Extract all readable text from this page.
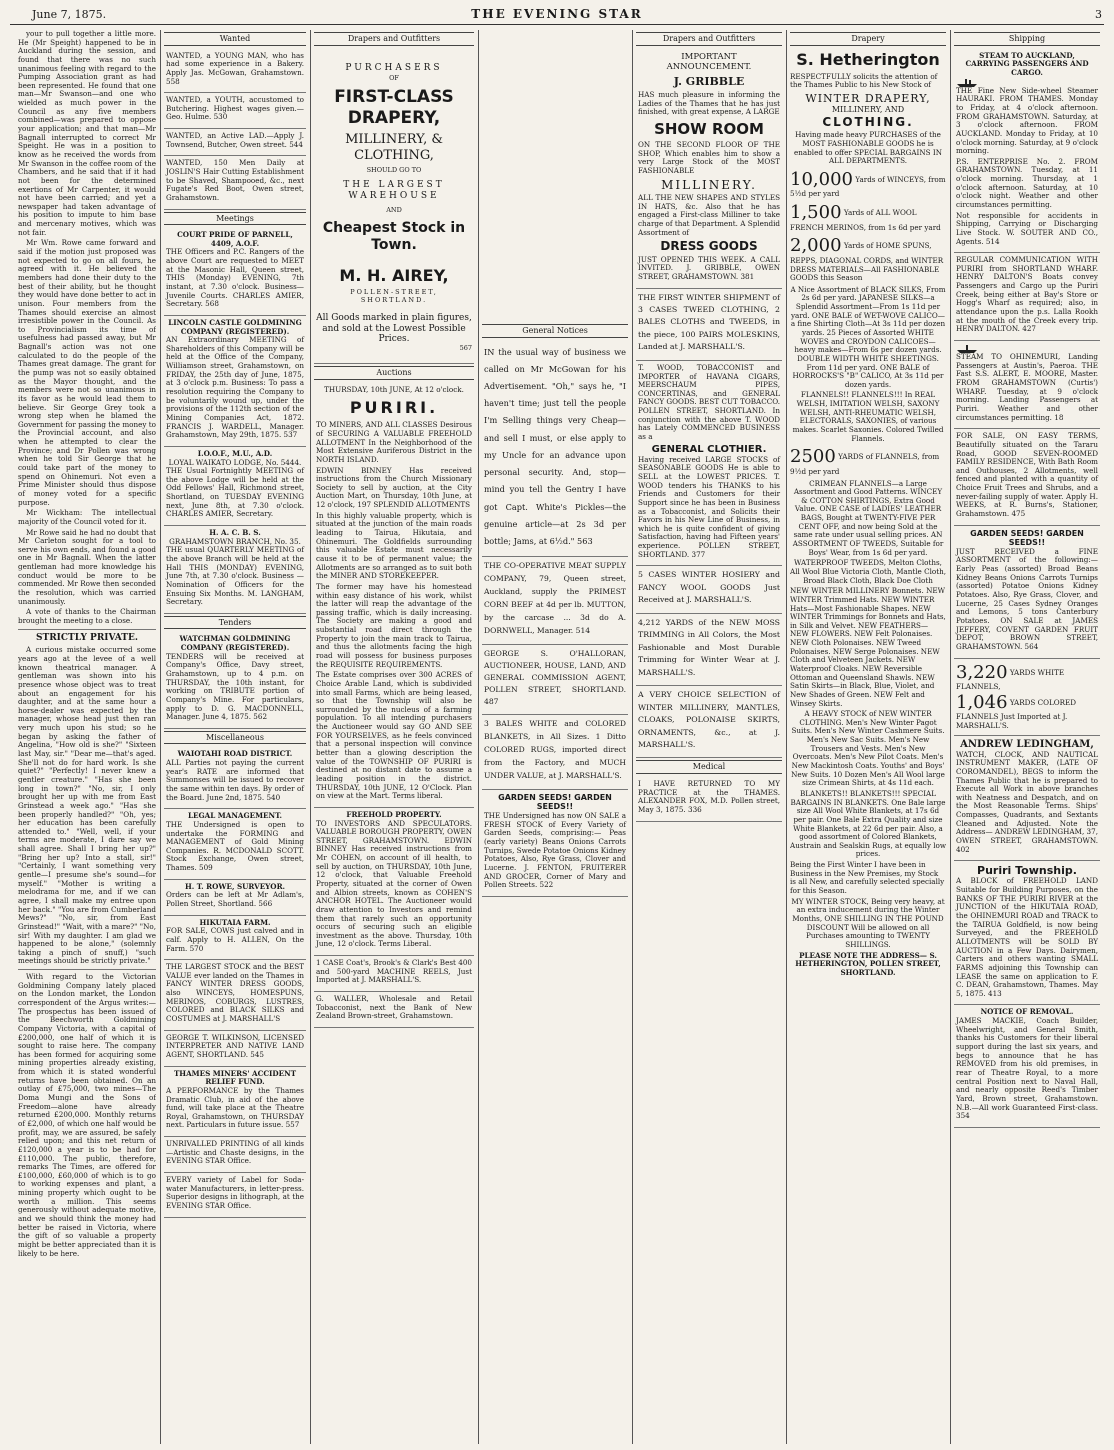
June 7, 1875.	THE EVENING STAR	3

your to pull together a little more. He (Mr Speight) happened to be in Auckland during the session, and found that there was no such unanimous feeling with regard to the Pumping Association grant as had been represented. He found that one man—Mr Swanson—and one who wielded as much power in the Council as any five members combined—was prepared to oppose your application; and that man—Mr Bagnall interrupted to correct Mr Speight. He was in a position to know as he received the words from Mr Swanson in the coffee room of the Chambers, and he said that if it had not been for the determined exertions of Mr Carpenter, it would not have been carried; and yet a newspaper had taken advantage of his position to impute to him base and mercenary motives, which was not fair.

Mr Wm. Rowe came forward and said if the motion just proposed was not expected to go on all fours, he agreed with it. He believed the members had done their duty to the best of their ability, but he thought they would have done better to act in unison. Four members from the Thames should exercise an almost irresistible power in the Council. As to Provincialism its time of usefulness had passed away, but Mr Bagnall's action was not one calculated to do the people of the Thames great damage. The grant for the pump was not so easily obtained as the Mayor thought, and the members were not so unanimous in its favor as he would lead them to believe. Sir George Grey took a wrong step when he blamed the Government for passing the money to the Provincial account, and also when he attempted to clear the Province; and Dr Pollen was wrong when he told Sir George that he could take part of the money to spend on Ohinemuri. Not even a Prime Minister should thus dispose of money voted for a specific purpose.

Mr Wickham: The intellectual majority of the Council voted for it.

Mr Rowe said he had no doubt that Mr Carleton sought for a tool to serve his own ends, and found a good one in Mr Bagnall. When the latter gentleman had more knowledge his conduct would be more to be commended. Mr Rowe then seconded the resolution, which was carried unanimously.

A vote of thanks to the Chairman brought the meeting to a close.

STRICTLY PRIVATE.

A curious mistake occurred some years ago at the levee of a well known theatrical manager. A gentleman was shown into his presence whose object was to treat about an engagement for his daughter, and at the same hour a horse-dealer was expected by the manager, whose head just then ran very much upon his stud; so he began by asking the father of Angelina, "How old is she?" "Sixteen last May, sir." "Dear me—that's aged. She'll not do for hard work. Is she quiet?" "Perfectly! I never knew a gentler creature." "Has she been long in town?" "No, sir, I only brought her up with me from East Grinstead a week ago." "Has she been properly handled?" "Oh, yes; her education has been carefully attended to." "Well, well, if your terms are moderate, I dare say we shall agree. Shall I bring her up?" "Bring her up? Into a stall, sir!" "Certainly, I want something very gentle—I presume she's sound—for myself." "Mother is writing a melodrama for me, and if we can agree, I shall make my entree upon her back." "You are from Cumberland Mews?" "No, sir, from East Grinstead!" "Wait, with a mare?" "No, sir! With my daughter. I am glad we happened to be alone," (solemnly taking a pinch of snuff,) "such meetings should be strictly private."

With regard to the Victorian Goldmining Company lately placed on the London market, the London correspondent of the Argus writes:—The prospectus has been issued of the Beechworth Goldmining Company Victoria, with a capital of £200,000, one half of which it is sought to raise here. The company has been formed for acquiring some mining properties already existing, from which it is stated wonderful returns have been obtained. On an outlay of £75,000, two mines—The Doma Mungi and the Sons of Freedom—alone have already returned £200,000. Monthly returns of £2,000, of which one half would be profit, may, we are assured, be safely relied upon; and this net return of £120,000 a year is to be had for £110,000. The public, therefore, remarks The Times, are offered for £100,000, £60,000 of which is to go to working expenses and plant, a mining property which ought to be worth a million. This seems generously without adequate motive, and we should think the money had better be raised in Victoria, where the gift of so valuable a property might be better appreciated than it is likely to be here.

Wanted

WANTED, a YOUNG MAN, who has had some experience in a Bakery. Apply Jas. McGowan, Grahamstown. 558

WANTED, a YOUTH, accustomed to Butchering. Highest wages given.—Geo. Hulme. 530

WANTED, an Active LAD.—Apply J. Townsend, Butcher, Owen street. 544

WANTED, 150 Men Daily at JOSLIN'S Hair Cutting Establishment to be Shaved, Shampooed, &c., next Fugate's Red Boot, Owen street, Grahamstown.

Meetings
COURT PRIDE OF PARNELL, 4409, A.O.F.

THE Officers and P.C. Rangers of the above Court are requested to MEET at the Masonic Hall, Queen street, THIS (Monday) EVENING, 7th instant, at 7.30 o'clock. Business—Juvenile Courts. CHARLES AMIER, Secretary. 568

LINCOLN CASTLE GOLDMINING COMPANY (REGISTERED).

AN Extraordinary MEETING of Shareholders of this Company will be held at the Office of the Company, Williamson street, Grahamstown, on FRIDAY, the 25th day of June, 1875, at 3 o'clock p.m. Business: To pass a resolution requiring the Company to be voluntarily wound up, under the provisions of the 112th section of the Mining Companies Act, 1872. FRANCIS J. WARDELL, Manager. Grahamstown, May 29th, 1875. 537

I.O.O.F., M.U., A.D.
LOYAL WAIKATO LODGE, No. 5444.

THE Usual Fortnightly MEETING of the above Lodge will be held at the Odd Fellows' Hall, Richmond street, Shortland, on TUESDAY EVENING next, June 8th, at 7.30 o'clock. CHARLES AMIER, Secretary.

H. A. C. B. S.
GRAHAMSTOWN BRANCH, No. 35.

THE usual QUARTERLY MEETING of the above Branch will be held at the Hall THIS (MONDAY) EVENING, June 7th, at 7.30 o'clock. Business — Nomination of Officers for the Ensuing Six Months. M. LANGHAM, Secretary.

Tenders
WATCHMAN GOLDMINING COMPANY (REGISTERED).

TENDERS will be received at Company's Office, Davy street, Grahamstown, up to 4 p.m. on THURSDAY, the 10th instant, for working on TRIBUTE portion of Company's Mine. For particulars, apply to D. G. MACDONNELL, Manager. June 4, 1875. 562

Miscellaneous
WAIOTAHI ROAD DISTRICT.

ALL Parties not paying the current year's RATE are informed that Summonses will be issued to recover the same within ten days. By order of the Board. June 2nd, 1875. 540

LEGAL MANAGEMENT.

THE Undersigned is open to undertake the FORMING and MANAGEMENT of Gold Mining Companies. R. MCDONALD SCOTT. Stock Exchange, Owen street, Thames. 509

H. T. ROWE, SURVEYOR.

Orders can be left at Mr Adlam's, Pollen Street, Shortland. 566

HIKUTAIA FARM.

FOR SALE, COWS just calved and in calf. Apply to H. ALLEN, On the Farm. 570

THE LARGEST STOCK and the BEST VALUE ever landed on the Thames in FANCY WINTER DRESS GOODS, also WINCEYS, HOMESPUNS, MERINOS, COBURGS, LUSTRES, COLORED and BLACK SILKS and COSTUMES at J. MARSHALL'S

GEORGE T. WILKINSON, LICENSED INTERPRETER AND NATIVE LAND AGENT, SHORTLAND. 545

THAMES MINERS' ACCIDENT RELIEF FUND.

A PERFORMANCE by the Thames Dramatic Club, in aid of the above fund, will take place at the Theatre Royal, Grahamstown, on THURSDAY next. Particulars in future issue. 557

UNRIVALLED PRINTING of all kinds —Artistic and Chaste designs, in the EVENING STAR Office.

EVERY variety of Label for Soda-water Manufacturers, in letter-press. Superior designs in lithograph, at the EVENING STAR Office.

Drapers and Outfitters
PURCHASERS
OF
FIRST-CLASS DRAPERY,
MILLINERY, & CLOTHING,
SHOULD GO TO
THE LARGEST WAREHOUSE
AND
Cheapest Stock in Town.
M. H. AIREY,
POLLEN-STREET, SHORTLAND.
All Goods marked in plain figures, and sold at the Lowest Possible Prices.
567
Auctions
THURSDAY, 10th JUNE, At 12 o'clock.
PURIRI.

TO MINERS, AND ALL CLASSES Desirous of SECURING A VALUABLE FREEHOLD ALLOTMENT In the Neighborhood of the Most Extensive Auriferous District in the NORTH ISLAND.

EDWIN BINNEY Has received instructions from the Church Missionary Society to sell by auction, at the City Auction Mart, on Thursday, 10th June, at 12 o'clock, 197 SPLENDID ALLOTMENTS

In this highly valuable property, which is situated at the junction of the main roads leading to Tairua, Hikutaia, and Ohinemuri. The Goldfields surrounding this valuable Estate must necessarily cause it to be of permanent value; the Allotments are so arranged as to suit both the MINER AND STOREKEEPER.

The former may have his homestead within easy distance of his work, whilst the latter will reap the advantage of the passing traffic, which is daily increasing. The Society are making a good and substantial road direct through the Property to join the main track to Tairua, and thus the allotments facing the high road will possess for business purposes the REQUISITE REQUIREMENTS.

The Estate comprises over 300 ACRES of Choice Arable Land, which is subdivided into small Farms, which are being leased, so that the Township will also be surrounded by the nucleus of a farming population. To all intending purchasers the Auctioneer would say GO AND SEE FOR YOURSELVES, as he feels convinced that a personal inspection will convince better than a glowing description the value of the TOWNSHIP OF PURIRI is destined at no distant date to assume a leading position in the district. THURSDAY, 10th JUNE, 12 O'Clock. Plan on view at the Mart. Terms liberal.

FREEHOLD PROPERTY.

TO INVESTORS AND SPECULATORS. VALUABLE BOROUGH PROPERTY, OWEN STREET, GRAHAMSTOWN. EDWIN BINNEY Has received instructions from Mr COHEN, on account of ill health, to sell by auction, on THURSDAY, 10th June, 12 o'clock, that Valuable Freehold Property, situated at the corner of Owen and Albion streets, known as COHEN'S ANCHOR HOTEL. The Auctioneer would draw attention to Investors and remind them that rarely such an opportunity occurs of securing such an eligible investment as the above. Thursday, 10th June, 12 o'clock. Terms Liberal.

1 CASE Coat's, Brook's & Clark's Best 400 and 500-yard MACHINE REELS, Just Imported at J. MARSHALL'S.

G. WALLER, Wholesale and Retail Tobacconist, next the Bank of New Zealand Brown-street, Grahamstown.

General Notices

IN the usual way of business we called on Mr McGowan for his Advertisement. "Oh," says he, "I haven't time; just tell the people I'm Selling things very Cheap—and sell I must, or else apply to my Uncle for an advance upon personal security. And, stop—mind you tell the Gentry I have got Capt. White's Pickles—the genuine article—at 2s 3d per bottle; Jams, at 6½d." 563

THE CO-OPERATIVE MEAT SUPPLY COMPANY, 79, Queen street, Auckland, supply the PRIMEST CORN BEEF at 4d per lb. MUTTON, by the carcase ... 3d do A. DORNWELL, Manager. 514

GEORGE S. O'HALLORAN, AUCTIONEER, HOUSE, LAND, AND GENERAL COMMISSION AGENT, POLLEN STREET, SHORTLAND. 487

3 BALES WHITE and COLORED BLANKETS, in All Sizes. 1 Ditto COLORED RUGS, imported direct from the Factory, and MUCH UNDER VALUE, at J. MARSHALL'S.

GARDEN SEEDS! GARDEN SEEDS!!

THE Undersigned has now ON SALE a FRESH STOCK of Every Variety of Garden Seeds, comprising:— Peas (early variety) Beans Onions Carrots Turnips, Swede Potatoe Onions Kidney Potatoes, Also, Rye Grass, Clover and Lucerne. J. FENTON, FRUITERER AND GROCER, Corner of Mary and Pollen Streets. 522

Drapers and Outfitters
IMPORTANT ANNOUNCEMENT.
J. GRIBBLE

HAS much pleasure in informing the Ladies of the Thames that he has just finished, with great expense, A LARGE

SHOW ROOM

ON THE SECOND FLOOR OF THE SHOP, Which enables him to show a very Large Stock of the MOST FASHIONABLE

MILLINERY.

ALL THE NEW SHAPES AND STYLES IN HATS, &c. Also that he has engaged a First-class Milliner to take charge of that Department. A Splendid Assortment of

DRESS GOODS

JUST OPENED THIS WEEK. A CALL INVITED. J. GRIBBLE, OWEN STREET, GRAHAMSTOWN. 381

THE FIRST WINTER SHIPMENT of 3 CASES TWEED CLOTHING, 2 BALES CLOTHS and TWEEDS, in the piece, 100 PAIRS MOLESKINS, Landed at J. MARSHALL'S.

T. WOOD, TOBACCONIST and IMPORTER of HAVANA CIGARS, MEERSCHAUM PIPES, CONCERTINAS, and GENERAL FANCY GOODS. BEST CUT TOBACCO. POLLEN STREET, SHORTLAND. In conjunction with the above T. WOOD has Lately COMMENCED BUSINESS as a

GENERAL CLOTHIER.

Having received LARGE STOCKS of SEASONABLE GOODS He is able to SELL at the LOWEST PRICES. T. WOOD tenders his THANKS to his Friends and Customers for their Support since he has been in Business as a Tobacconist, and Solicits their Favors in his New Line of Business, in which he is quite confident of giving Satisfaction, having had Fifteen years' experience. POLLEN STREET, SHORTLAND. 377

5 CASES WINTER HOSIERY and FANCY WOOL GOODS Just Received at J. MARSHALL'S.

4,212 YARDS of the NEW MOSS TRIMMING in All Colors, the Most Fashionable and Most Durable Trimming for Winter Wear at J. MARSHALL'S.

A VERY CHOICE SELECTION of WINTER MILLINERY, MANTLES, CLOAKS, POLONAISE SKIRTS, ORNAMENTS, &c., at J. MARSHALL'S.

Medical

I HAVE RETURNED TO MY PRACTICE at the THAMES. ALEXANDER FOX, M.D. Pollen street, May 3, 1875. 336

Drapery
S. Hetherington

RESPECTFULLY solicits the attention of the Thames Public to his New Stock of

WINTER DRAPERY,
MILLINERY, AND
CLOTHING.

Having made heavy PURCHASES of the MOST FASHIONABLE GOODS he is enabled to offer SPECIAL BARGAINS IN ALL DEPARTMENTS.

10,000 Yards of WINCEYS, from 5½d per yard
1,500 Yards of ALL WOOL FRENCH MERINOS, from 1s 6d per yard
2,000 Yards of HOME SPUNS, REPPS, DIAGONAL CORDS, and WINTER DRESS MATERIALS—All FASHIONABLE GOODS this Season

A Nice Assortment of BLACK SILKS, From 2s 6d per yard. JAPANESE SILKS—a Splendid Assortment—From 1s 11d per yard. ONE BALE of WET-WOVE CALICO—a fine Shirting Cloth—At 3s 11d per dozen yards. 25 Pieces of Assorted WHITE WOVES and CROYDON CALICOES—heavy makes—From 6s per dozen yards. DOUBLE WIDTH WHITE SHEETINGS. From 11d per yard. ONE BALE of HORROCKS'S "B" CALICO, At 3s 11d per dozen yards.

FLANNELS!! FLANNELS!!! In REAL WELSH, IMITATION WELSH, SAXONY WELSH, ANTI-RHEUMATIC WELSH, ELECTORALS, SAXONIES, of various makes. Scarlet Saxonies. Colored Twilled Flannels.

2500 YARDS of FLANNELS, from 9½d per yard

CRIMEAN FLANNELS—a Large Assortment and Good Patterns. WINCEY & COTTON SHIRTINGS, Extra Good Value. ONE CASE of LADIES' LEATHER BAGS, Bought at TWENTY-FIVE PER CENT OFF, and now being Sold at the same rate under usual selling prices. AN ASSORTMENT OF TWEEDS, Suitable for Boys' Wear, from 1s 6d per yard.

WATERPROOF TWEEDS, Melton Cloths, All Wool Blue Victoria Cloth, Mantle Cloth, Broad Black Cloth, Black Doe Cloth

NEW WINTER MILLINERY Bonnets. NEW WINTER Trimmed Hats. NEW WINTER Hats—Most Fashionable Shapes. NEW WINTER Trimmings for Bonnets and Hats, in Silk and Velvet. NEW FEATHERS—NEW FLOWERS. NEW Felt Polonaises. NEW Cloth Polonaises. NEW Tweed Polonaises. NEW Serge Polonaises. NEW Cloth and Velveteen Jackets. NEW Waterproof Cloaks. NEW Reversible Ottoman and Queensland Shawls. NEW Satin Skirts—in Black, Blue, Violet, and New Shades of Green. NEW Felt and Winsey Skirts.

A HEAVY STOCK of NEW WINTER CLOTHING. Men's New Winter Pagot Suits. Men's New Winter Cashmere Suits. Men's New Sac Suits. Men's New Trousers and Vests. Men's New Overcoats. Men's New Pilot Coats. Men's New Mackintosh Coats. Youths' and Boys' New Suits. 10 Dozen Men's All Wool large size Crimean Shirts, at 4s 11d each.

BLANKETS!! BLANKETS!!! SPECIAL BARGAINS IN BLANKETS. One Bale large size All Wool White Blankets, at 17s 6d per pair. One Bale Extra Quality and size White Blankets, at 22 6d per pair. Also, a good assortment of Colored Blankets, Austrain and Sealskin Rugs, at equally low prices.

Being the First Winter I have been in Business in the New Premises, my Stock is all New, and carefully selected specially for this Season.

MY WINTER STOCK, Being very heavy, at an extra inducement during the Winter Months, ONE SHILLING IN THE POUND DISCOUNT Will be allowed on all Purchases amounting to TWENTY SHILLINGS.

PLEASE NOTE THE ADDRESS— S. HETHERINGTON, POLLEN STREET, SHORTLAND.

Shipping
STEAM TO AUCKLAND, CARRYING PASSENGERS AND CARGO.

THE Fine New Side-wheel Steamer HAURAKI. FROM THAMES. Monday to Friday, at 4 o'clock afternoon. FROM GRAHAMSTOWN. Saturday, at 3 o'clock afternoon. FROM AUCKLAND. Monday to Friday, at 10 o'clock morning. Saturday, at 9 o'clock morning.

P.S. ENTERPRISE No. 2. FROM GRAHAMSTOWN. Tuesday, at 11 o'clock morning. Thursday, at 1 o'clock afternoon. Saturday, at 10 o'clock night. Weather and other circumstances permitting.

Not responsible for accidents in Shipping, Carrying or Discharging Live Stock. W. SOUTER AND CO., Agents. 514

REGULAR COMMUNICATION WITH PURIRI from SHORTLAND WHARF. HENRY DALTON'S Boats convey Passengers and Cargo up the Puriri Creek, being either at Bay's Store or Hogg's Wharf as required; also, in attendance upon the p.s. Lalla Rookh at the mouth of the Creek every trip. HENRY DALTON. 427

STEAM TO OHINEMURI, Landing Passengers at Austin's, Paeroa. THE Fast S.S. ALERT, E. MOORE, Master. FROM GRAHAMSTOWN (Curtis') WHARF. Tuesday, at 9 o'clock morning. Landing Passengers at Puriri. Weather and other circumstances permitting. 18

FOR SALE, ON EASY TERMS, Beautifully situated on the Tararu Road, GOOD SEVEN-ROOMED FAMILY RESIDENCE, With Bath Room and Outhouses, 2 Allotments, well fenced and planted with a quantity of Choice Fruit Trees and Shrubs, and a never-failing supply of water. Apply H. WEEKS, at R. Burns's, Stationer, Grahamstown. 475

GARDEN SEEDS! GARDEN SEEDS!!

JUST RECEIVED a FINE ASSORTMENT of the following:— Early Peas (assorted) Broad Beans Kidney Beans Onions Carrots Turnips (assorted) Potatoe Onions Kidney Potatoes. Also, Rye Grass, Clover, and Lucerne, 25 Cases Sydney Oranges and Lemons, 5 tons Canterbury Potatoes. ON SALE at JAMES JEFFERY, COVENT GARDEN FRUIT DEPOT, BROWN STREET, GRAHAMSTOWN. 564

3,220 YARDS WHITE FLANNELS,
1,046 YARDS COLORED FLANNELS Just Imported at J. MARSHALL'S.
ANDREW LEDINGHAM,

WATCH, CLOCK, AND NAUTICAL INSTRUMENT MAKER, (LATE OF COROMANDEL), BEGS to inform the Thames Public that he is prepared to Execute all Work in above branches with Neatness and Despatch, and on the Most Reasonable Terms. Ships' Compasses, Quadrants, and Sextants Cleaned and Adjusted. Note the Address— ANDREW LEDINGHAM, 37, OWEN STREET, GRAHAMSTOWN. 402

Puriri Township.

A BLOCK of FREEHOLD LAND Suitable for Building Purposes, on the BANKS OF THE PURIRI RIVER at the JUNCTION of the HIKUTAIA ROAD, the OHINEMURI ROAD and TRACK to the TAIRUA Goldfield, is now being Surveyed, and the FREEHOLD ALLOTMENTS will be SOLD BY AUCTION in a Few Days. Dairymen, Carters and others wanting SMALL FARMS adjoining this Township can LEASE the same on application to F. C. DEAN, Grahamstown, Thames. May 5, 1875. 413

NOTICE OF REMOVAL.

JAMES MACKIE, Coach Builder, Wheelwright, and General Smith, thanks his Customers for their liberal support during the last six years, and begs to announce that he has REMOVED from his old premises, in rear of Theatre Royal, to a more central Position next to Naval Hall, and nearly opposite Reed's Timber Yard, Brown street, Grahamstown. N.B.—All work Guaranteed First-class. 354
